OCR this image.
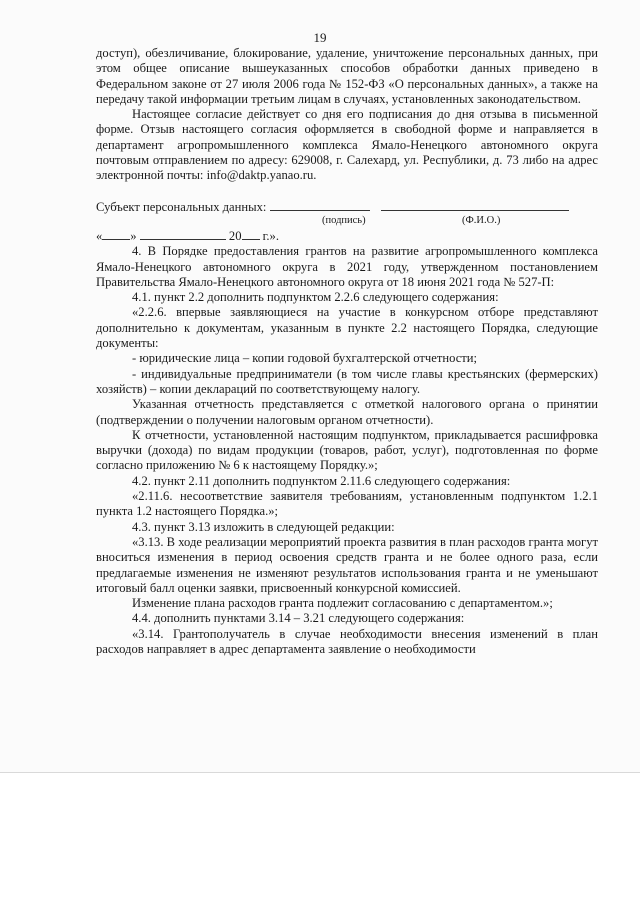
19

доступ), обезличивание, блокирование, удаление, уничтожение персональных данных, при этом общее описание вышеуказанных способов обработки данных приведено в Федеральном законе от 27 июля 2006 года № 152-ФЗ «О персональных данных», а также на передачу такой информации третьим лицам в случаях, установленных законодательством.

Настоящее согласие действует со дня его подписания до дня отзыва в письменной форме. Отзыв настоящего согласия оформляется в свободной форме и направляется в департамент агропромышленного комплекса Ямало-Ненецкого автономного округа почтовым отправлением по адресу: 629008, г. Салехард, ул. Республики, д. 73 либо на адрес электронной почты: info@daktp.yanao.ru.

Субъект персональных данных:

(подпись)	(Ф.И.О.)

« »	20 г.».

4. В Порядке предоставления грантов на развитие агропромышленного комплекса Ямало-Ненецкого автономного округа в 2021 году, утвержденном постановлением Правительства Ямало-Ненецкого автономного округа от 18 июня 2021 года № 527-П:

4.1. пункт 2.2 дополнить подпунктом 2.2.6 следующего содержания:

«2.2.6. впервые заявляющиеся на участие в конкурсном отборе представляют дополнительно к документам, указанным в пункте 2.2 настоящего Порядка, следующие документы:

- юридические лица – копии годовой бухгалтерской отчетности;

- индивидуальные предприниматели (в том числе главы крестьянских (фермерских) хозяйств) – копии деклараций по соответствующему налогу.

Указанная отчетность представляется с отметкой налогового органа о принятии (подтверждении о получении налоговым органом отчетности).

К отчетности, установленной настоящим подпунктом, прикладывается расшифровка выручки (дохода) по видам продукции (товаров, работ, услуг), подготовленная по форме согласно приложению № 6 к настоящему Порядку.»;

4.2. пункт 2.11 дополнить подпунктом 2.11.6 следующего содержания:

«2.11.6. несоответствие заявителя требованиям, установленным подпунктом 1.2.1 пункта 1.2 настоящего Порядка.»;

4.3. пункт 3.13 изложить в следующей редакции:

«3.13. В ходе реализации мероприятий проекта развития в план расходов гранта могут вноситься изменения в период освоения средств гранта и не более одного раза, если предлагаемые изменения не изменяют результатов использования гранта и не уменьшают итоговый балл оценки заявки, присвоенный конкурсной комиссией.

Изменение плана расходов гранта подлежит согласованию с департаментом.»;

4.4. дополнить пунктами 3.14 – 3.21 следующего содержания:

«3.14. Грантополучатель в случае необходимости внесения изменений в план расходов направляет в адрес департамента заявление о необходимости
